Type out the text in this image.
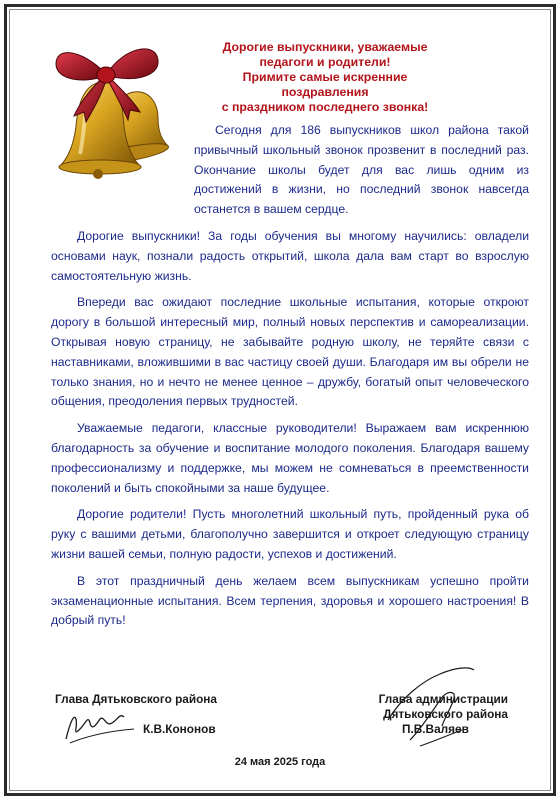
Дорогие выпускники, уважаемые
педагоги и родители!
Примите самые искренние
поздравления
с праздником последнего звонка!

Сегодня для 186 выпускников школ района такой привычный школьный звонок прозвенит в последний раз. Окончание школы будет для вас лишь одним из достижений в жизни, но последний звонок навсегда останется в вашем сердце.

Дорогие выпускники! За годы обучения вы многому научились: овладели основами наук, познали радость открытий, школа дала вам старт во взрослую самостоятельную жизнь.

Впереди вас ожидают последние школьные испытания, которые откроют дорогу в большой интересный мир, полный новых перспектив и самореализации. Открывая новую страницу, не забывайте родную школу, не теряйте связи с наставниками, вложившими в вас частицу своей души. Благодаря им вы обрели не только знания, но и нечто не менее ценное – дружбу, богатый опыт человеческого общения, преодоления первых трудностей.

Уважаемые педагоги, классные руководители! Выражаем вам искреннюю благодарность за обучение и воспитание молодого поколения. Благодаря вашему профессионализму и поддержке, мы можем не сомневаться в преемственности поколений и быть спокойными за наше будущее.

Дорогие родители! Пусть многолетний школьный путь, пройденный рука об руку с вашими детьми, благополучно завершится и откроет следующую страницу жизни вашей семьи, полную радости, успехов и достижений.

В этот праздничный день желаем всем выпускникам успешно пройти экзаменационные испытания. Всем терпения, здоровья и хорошего настроения! В добрый путь!

Глава Дятьковского района
К.В.Кононов
Глава администрации
Дятьковского района
П.В.Валяев
24 мая 2025 года
